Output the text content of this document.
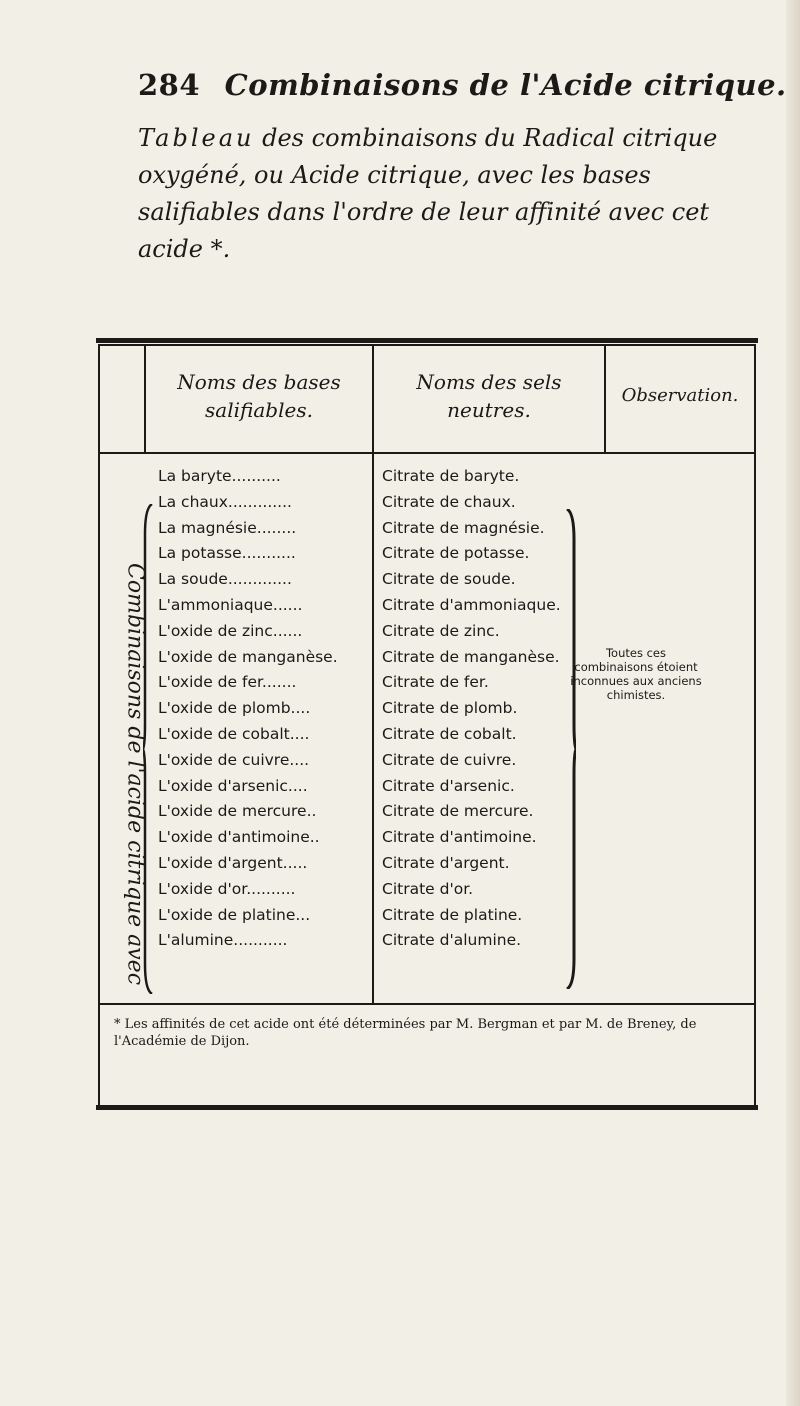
284 Combinaisons de l'Acide citrique.
Tableau des combinaisons du Radical citrique oxygéné, ou Acide citrique, avec les bases salifiables dans l'ordre de leur affinité avec cet acide *.
Noms des bases
salifiables.
Noms des sels
neutres.
Observation.
Combinaisons de l'acide citrique avec
La baryte..........
La chaux.............
La magnésie........
La potasse...........
La soude.............
L'ammoniaque......
L'oxide de zinc......
L'oxide de manganèse.
L'oxide de fer.......
L'oxide de plomb....
L'oxide de cobalt....
L'oxide de cuivre....
L'oxide d'arsenic....
L'oxide de mercure..
L'oxide d'antimoine..
L'oxide d'argent.....
L'oxide d'or..........
L'oxide de platine...
L'alumine...........
Citrate de baryte.
Citrate de chaux.
Citrate de magnésie.
Citrate de potasse.
Citrate de soude.
Citrate d'ammoniaque.
Citrate de zinc.
Citrate de manganèse.
Citrate de fer.
Citrate de plomb.
Citrate de cobalt.
Citrate de cuivre.
Citrate d'arsenic.
Citrate de mercure.
Citrate d'antimoine.
Citrate d'argent.
Citrate d'or.
Citrate de platine.
Citrate d'alumine.
Toutes ces combinaisons étoient inconnues aux anciens chimistes.
* Les affinités de cet acide ont été déterminées par M. Bergman et par M. de Breney, de l'Académie de Dijon.
